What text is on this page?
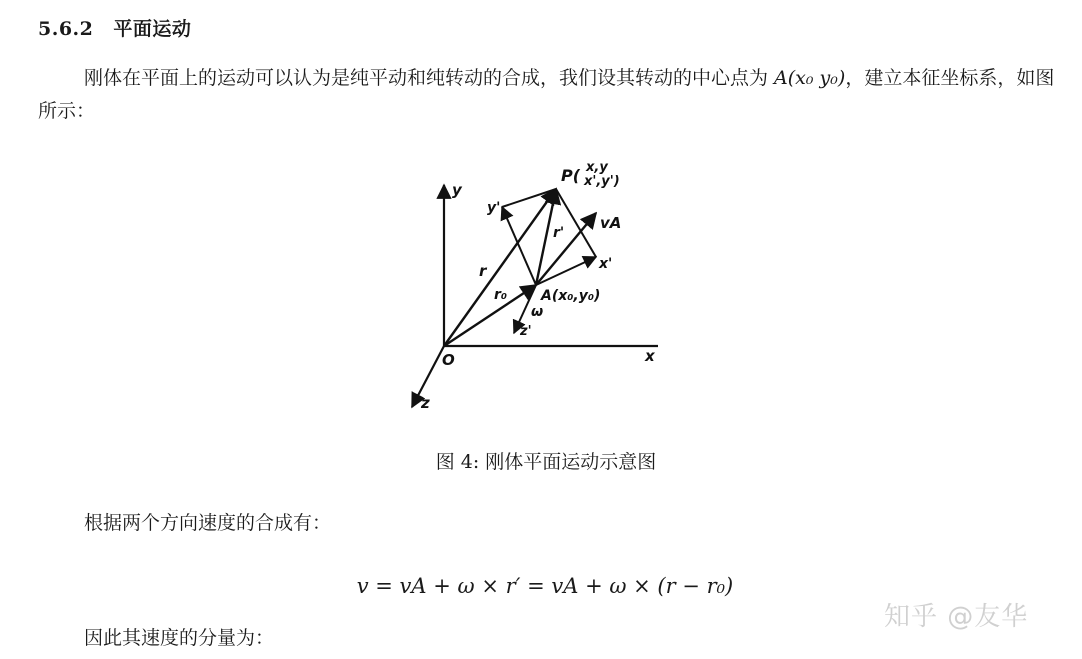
5.6.2 平面运动
刚体在平面上的运动可以认为是纯平动和纯转动的合成，我们设其转动的中心点为 A(x₀ y₀)，建立本征坐标系，如图所示：
y
x
z
O
P( x,y
x',y')
y'
x'
z'
r
r₀
r'
vA
ω
A(x₀,y₀)
图 4: 刚体平面运动示意图
根据两个方向速度的合成有：
v = vA + ω × r′ = vA + ω × (r − r₀)
因此其速度的分量为：
知乎 @友华
